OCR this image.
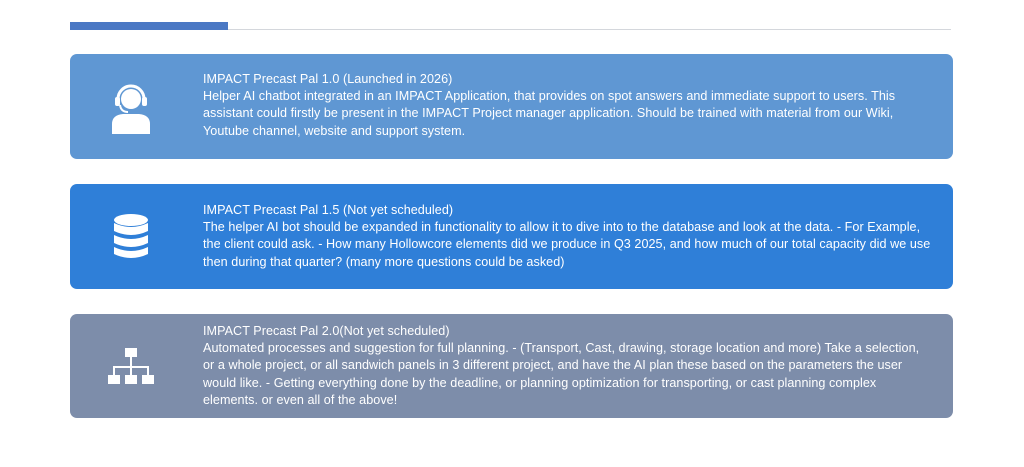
IMPACT Precast Pal 1.0 (Launched in 2026)
Helper AI chatbot integrated in an IMPACT Application, that provides on spot answers and immediate support to users. This assistant could firstly be present in the IMPACT Project manager application. Should be trained with material from our Wiki, Youtube channel, website and support system.
IMPACT Precast Pal 1.5 (Not yet scheduled)
The helper AI bot should be expanded in functionality to allow it to dive into to the database and look at the data. - For Example, the client could ask. - How many Hollowcore elements did we produce in Q3 2025, and how much of our total capacity did we use then during that quarter? (many more questions could be asked)
IMPACT Precast Pal 2.0(Not yet scheduled)
Automated processes and suggestion for full planning. - (Transport, Cast, drawing, storage location and more) Take a selection, or a whole project, or all sandwich panels in 3 different project, and have the AI plan these based on the parameters the user would like. - Getting everything done by the deadline, or planning optimization for transporting, or cast planning complex elements. or even all of the above!
